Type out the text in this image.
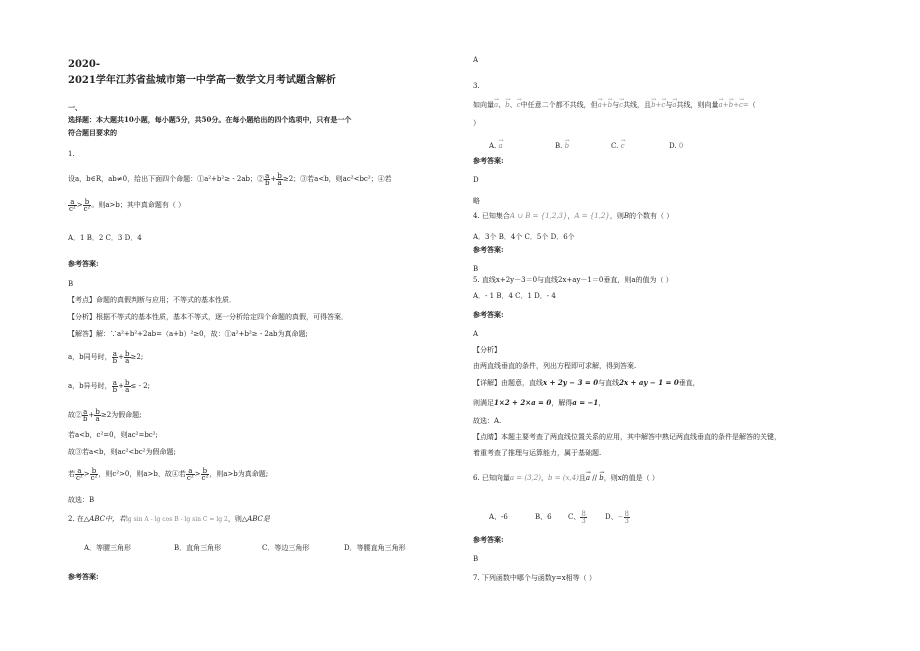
2020-
2021学年江苏省盐城市第一中学高一数学文月考试题含解析
一、
选择题：本大题共10小题，每小题5分，共50分。在每小题给出的四个选项中，只有是一个
符合题目要求的
1.
设a，b∈R，ab≠0，给出下面四个命题：①a²+b²≥ - 2ab；② $\frac{a}{b} + \frac{b}{a} \ge 2$；③若a<b，则ac²<bc²；④若
$\frac{a}{\text{c²}} > \frac{b}{\text{c²}}$ 。则a>b；其中真命题有（ ）
A．1 B．2 C．3 D．4
参考答案:
B
【考点】命题的真假判断与应用；不等式的基本性质．
【分析】根据不等式的基本性质，基本不等式，逐一分析给定四个命题的真假，可得答案．
【解答】解：∵a²+b²+2ab=（a+b）²≥0，故：①a²+b²≥ - 2ab为真命题;
a，b同号时， $\frac{a}{b} + \frac{b}{a} \ge 2$;
a，b异号时， $\frac{a}{b} + \frac{b}{a}$ ≤ - 2;
故② $\frac{a}{b} + \frac{b}{a} \ge 2$为假命题;
若a<b，c²=0，则ac²=bc²;
故③若a<b，则ac²<bc²为假命题;
若 $\frac{a}{\text{c²}} > \frac{b}{\text{c²}}$ ，则c²>0，则a>b，故④若 $\frac{a}{\text{c²}} > \frac{b}{\text{c²}}$ ，则a>b为真命题;
故选：B
2. 在△ABC中，若lg sin A - lg cos B - lg sin C = lg 2，则△ABC是
A．等腰三角形	B．直角三角形	C．等边三角形	D．等腰直角三角形
参考答案:
A
3.
如向量→ a、→ b、→ c中任意二个都不共线，但→ a+→ b与→ c共线，且→ b+→ c与→ a共线，则向量→ a+→ b+→ c=（
）
A. → a	B. → b	C. → c	D. 0
参考答案:
D
略
4. 已知集合A ∪ B = {1,2,3}，A = {1,2}，则B的个数有（ ）
A．3个 B．4个 C．5个 D．6个
参考答案:
B
5. 直线x+2y－3＝0与直线2x+ay－1＝0垂直，则a的值为（ ）
A．- 1 B．4 C．1 D．- 4
参考答案:
A
【分析】
由两直线垂直的条件，列出方程即可求解，得到答案.
【详解】由题意，直线x + 2y − 3 = 0与直线2x + ay − 1 = 0垂直，
则满足1×2 + 2×a = 0，解得a = −1，
故选：A.
【点睛】本题主要考查了两直线位置关系的应用，其中解答中熟记两直线垂直的条件是解答的关键，
着重考查了推理与运算能力，属于基础题.
6. 已知向量a = (3,2)，b = (x,4)且→ a // → b，则x的值是（ ）
A、-6	B、6 C、 $\frac{8}{3}$	D、− $\frac{8}{3}$
参考答案:
B
7. 下列函数中哪个与函数y=x相等（ ）
